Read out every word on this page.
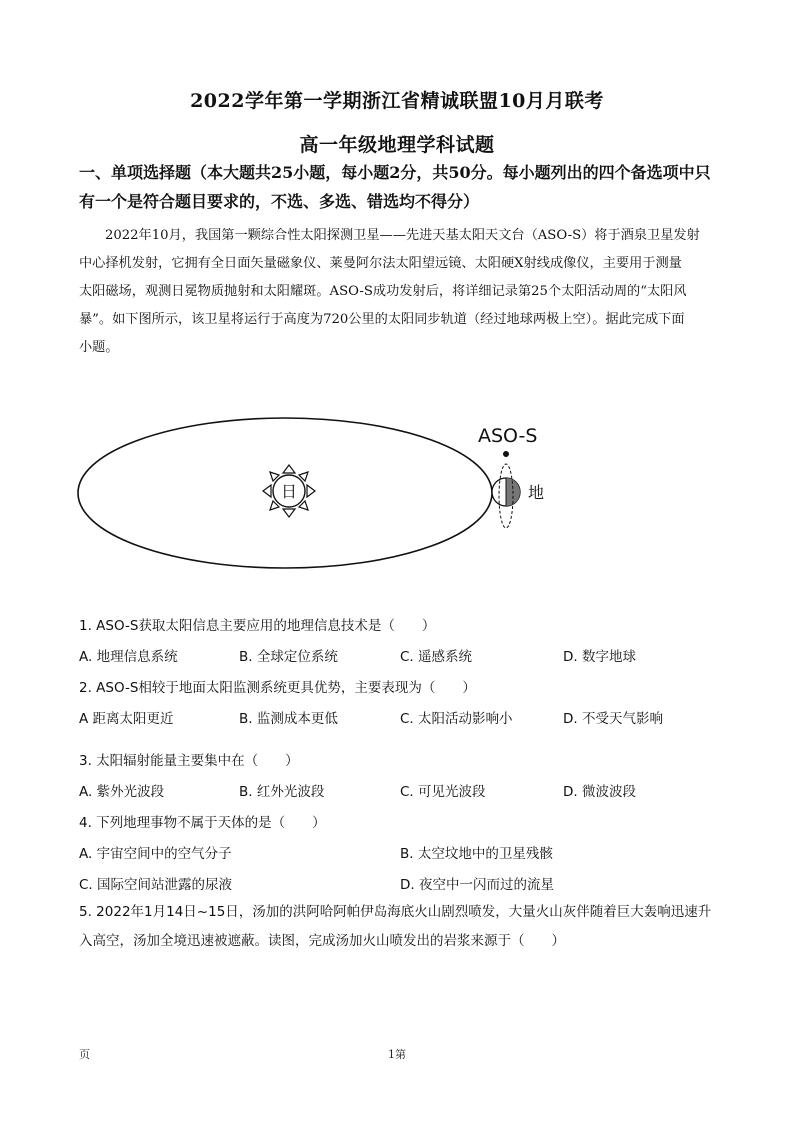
2022学年第一学期浙江省精诚联盟10月月联考
高一年级地理学科试题
一、单项选择题（本大题共25小题，每小题2分，共50分。每小题列出的四个备选项中只
有一个是符合题目要求的，不选、多选、错选均不得分）
2022年10月，我国第一颗综合性太阳探测卫星——先进天基太阳天文台（ASO-S）将于酒泉卫星发射
中心择机发射，它拥有全日面矢量磁象仪、莱曼阿尔法太阳望远镜、太阳硬X射线成像仪，主要用于测量
太阳磁场，观测日冕物质抛射和太阳耀斑。ASO-S成功发射后，将详细记录第25个太阳活动周的“太阳风
暴”。如下图所示，该卫星将运行于高度为720公里的太阳同步轨道（经过地球两极上空）。据此完成下面
小题。
日
ASO-S
地
1. ASO-S获取太阳信息主要应用的地理信息技术是（　　）
A. 地理信息系统	B. 全球定位系统	C. 遥感系统	D. 数字地球
2. ASO-S相较于地面太阳监测系统更具优势，主要表现为（　　）
A 距离太阳更近	B. 监测成本更低	C. 太阳活动影响小	D. 不受天气影响
3. 太阳辐射能量主要集中在（　　）
A. 紫外光波段	B. 红外光波段	C. 可见光波段	D. 微波波段
4. 下列地理事物不属于天体的是（　　）
A. 宇宙空间中的空气分子	B. 太空坟地中的卫星残骸
C. 国际空间站泄露的尿液	D. 夜空中一闪而过的流星
5. 2022年1月14日~15日，汤加的洪阿哈阿帕伊岛海底火山剧烈喷发，大量火山灰伴随着巨大轰响迅速升
入高空，汤加全境迅速被遮蔽。读图，完成汤加火山喷发出的岩浆来源于（　　）
页	1第
